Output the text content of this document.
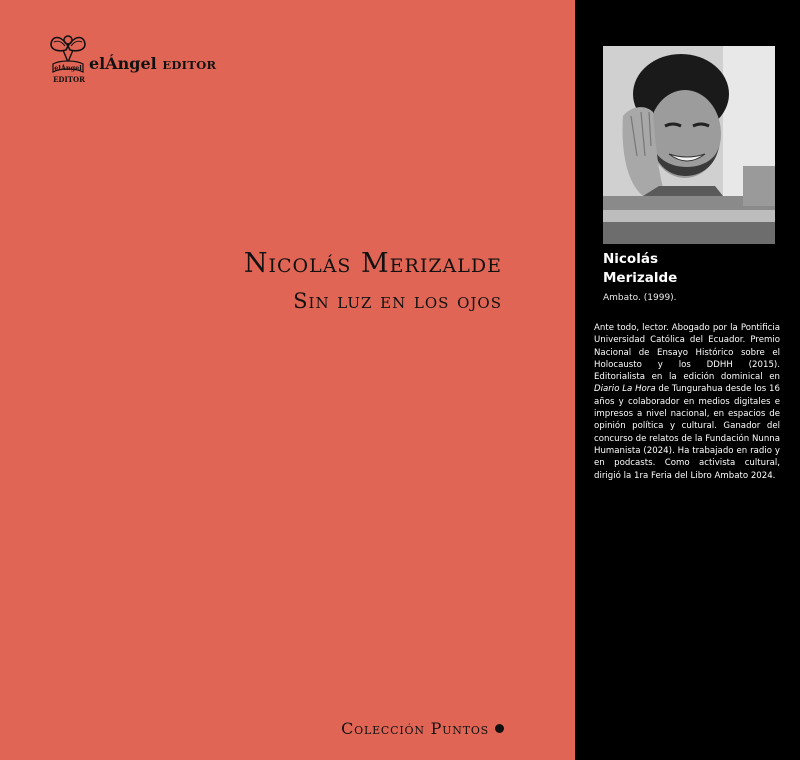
elÁngel
EDITOR
elÁngel EDITOR
Nicolás Merizalde
Sin luz en los ojos
Colección Puntos
Nicolás
Merizalde
Ambato. (1999).
Ante todo, lector. Abogado por la Pontificia Universidad Católica del Ecuador. Premio Nacional de Ensayo Histórico sobre el Holocausto y los DDHH (2015). Editorialista en la edición dominical en Diario La Hora de Tungurahua desde los 16 años y colaborador en medios digitales e impresos a nivel nacional, en espacios de opinión política y cultural. Ganador del concurso de relatos de la Fundación Nunna Humanista (2024). Ha trabajado en radio y en podcasts. Como activista cultural, dirigió la 1ra Feria del Libro Ambato 2024.
